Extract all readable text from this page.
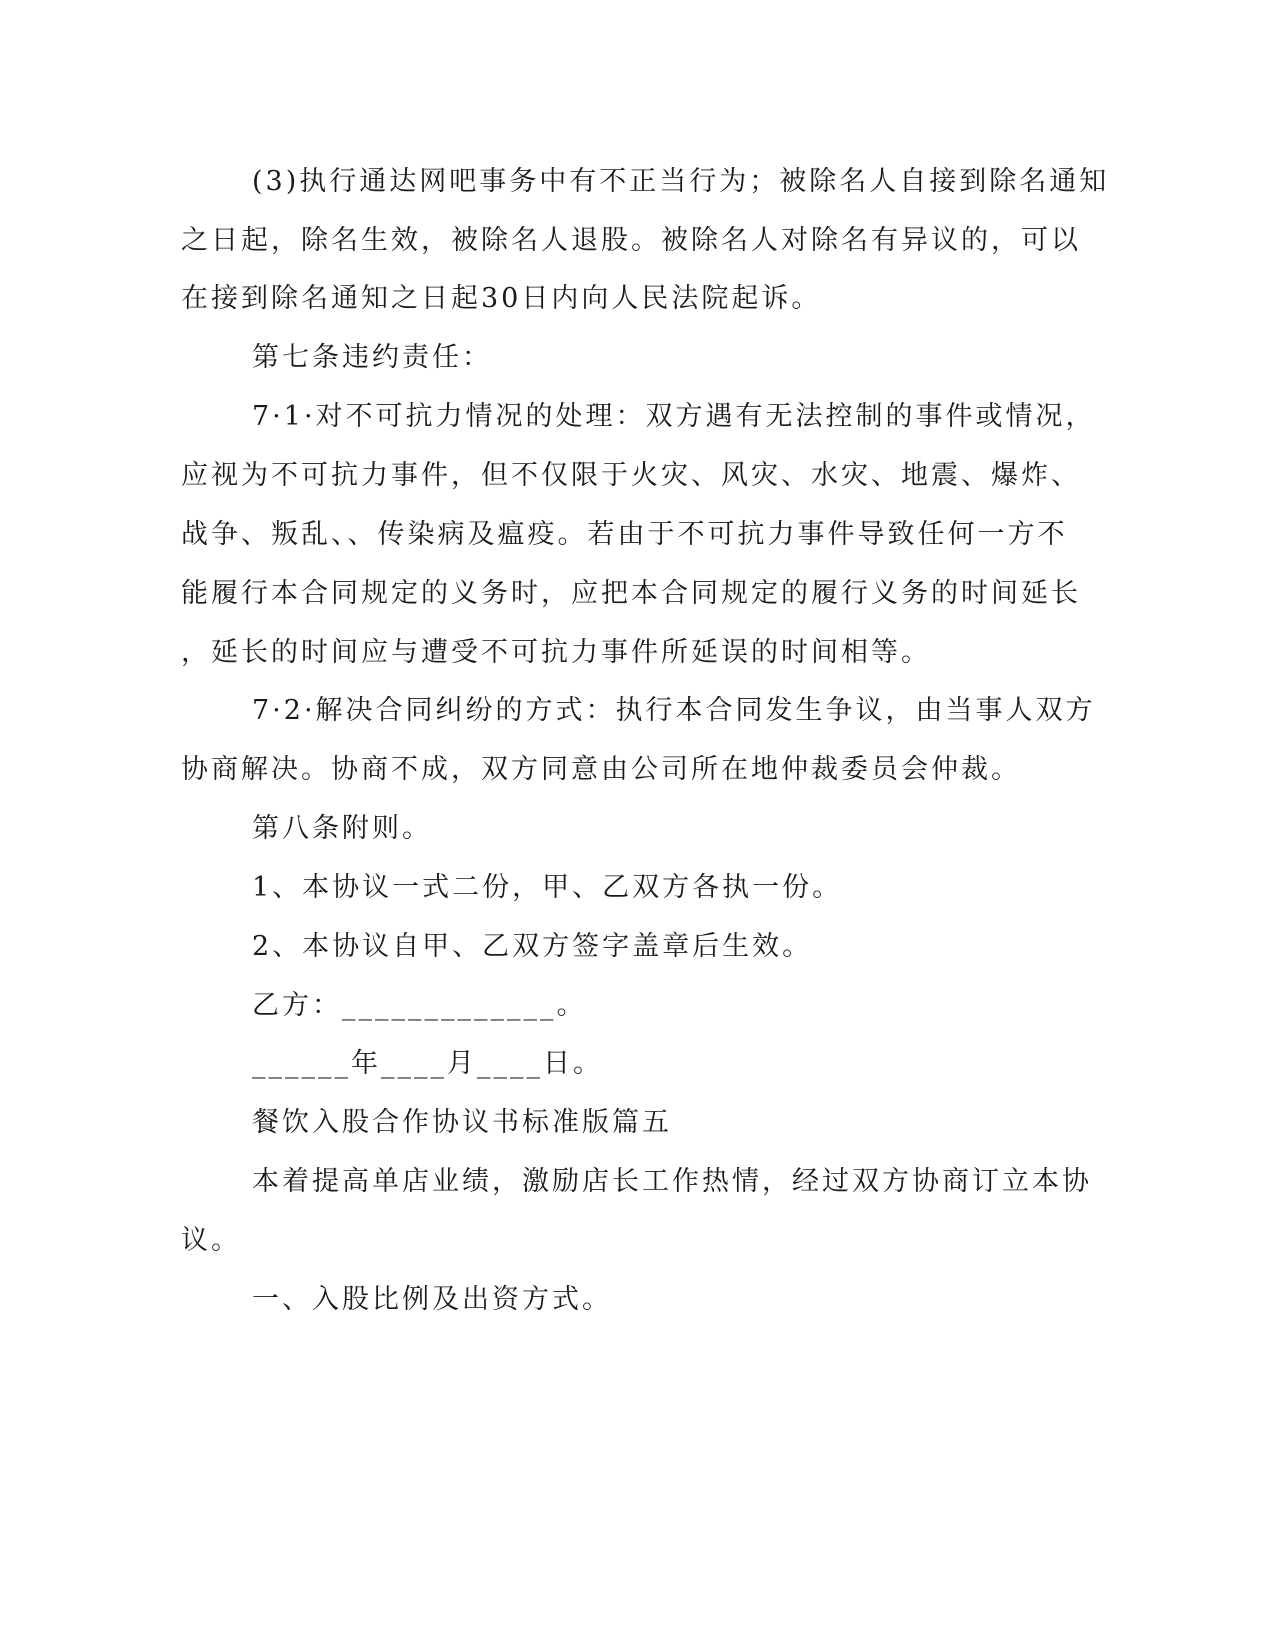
(3)执行通达网吧事务中有不正当行为；被除名人自接到除名通知
之日起，除名生效，被除名人退股。被除名人对除名有异议的，可以
在接到除名通知之日起30日内向人民法院起诉。
第七条违约责任：
7·1·对不可抗力情况的处理：双方遇有无法控制的事件或情况，
应视为不可抗力事件，但不仅限于火灾、风灾、水灾、地震、爆炸、
战争、叛乱、、传染病及瘟疫。若由于不可抗力事件导致任何一方不
能履行本合同规定的义务时，应把本合同规定的履行义务的时间延长
，延长的时间应与遭受不可抗力事件所延误的时间相等。
7·2·解决合同纠纷的方式：执行本合同发生争议，由当事人双方
协商解决。协商不成，双方同意由公司所在地仲裁委员会仲裁。
第八条附则。
1、本协议一式二份，甲、乙双方各执一份。
2、本协议自甲、乙双方签字盖章后生效。
乙方：_____________。
______年____月____日。
餐饮入股合作协议书标准版篇五
本着提高单店业绩，激励店长工作热情，经过双方协商订立本协
议。
一、入股比例及出资方式。
